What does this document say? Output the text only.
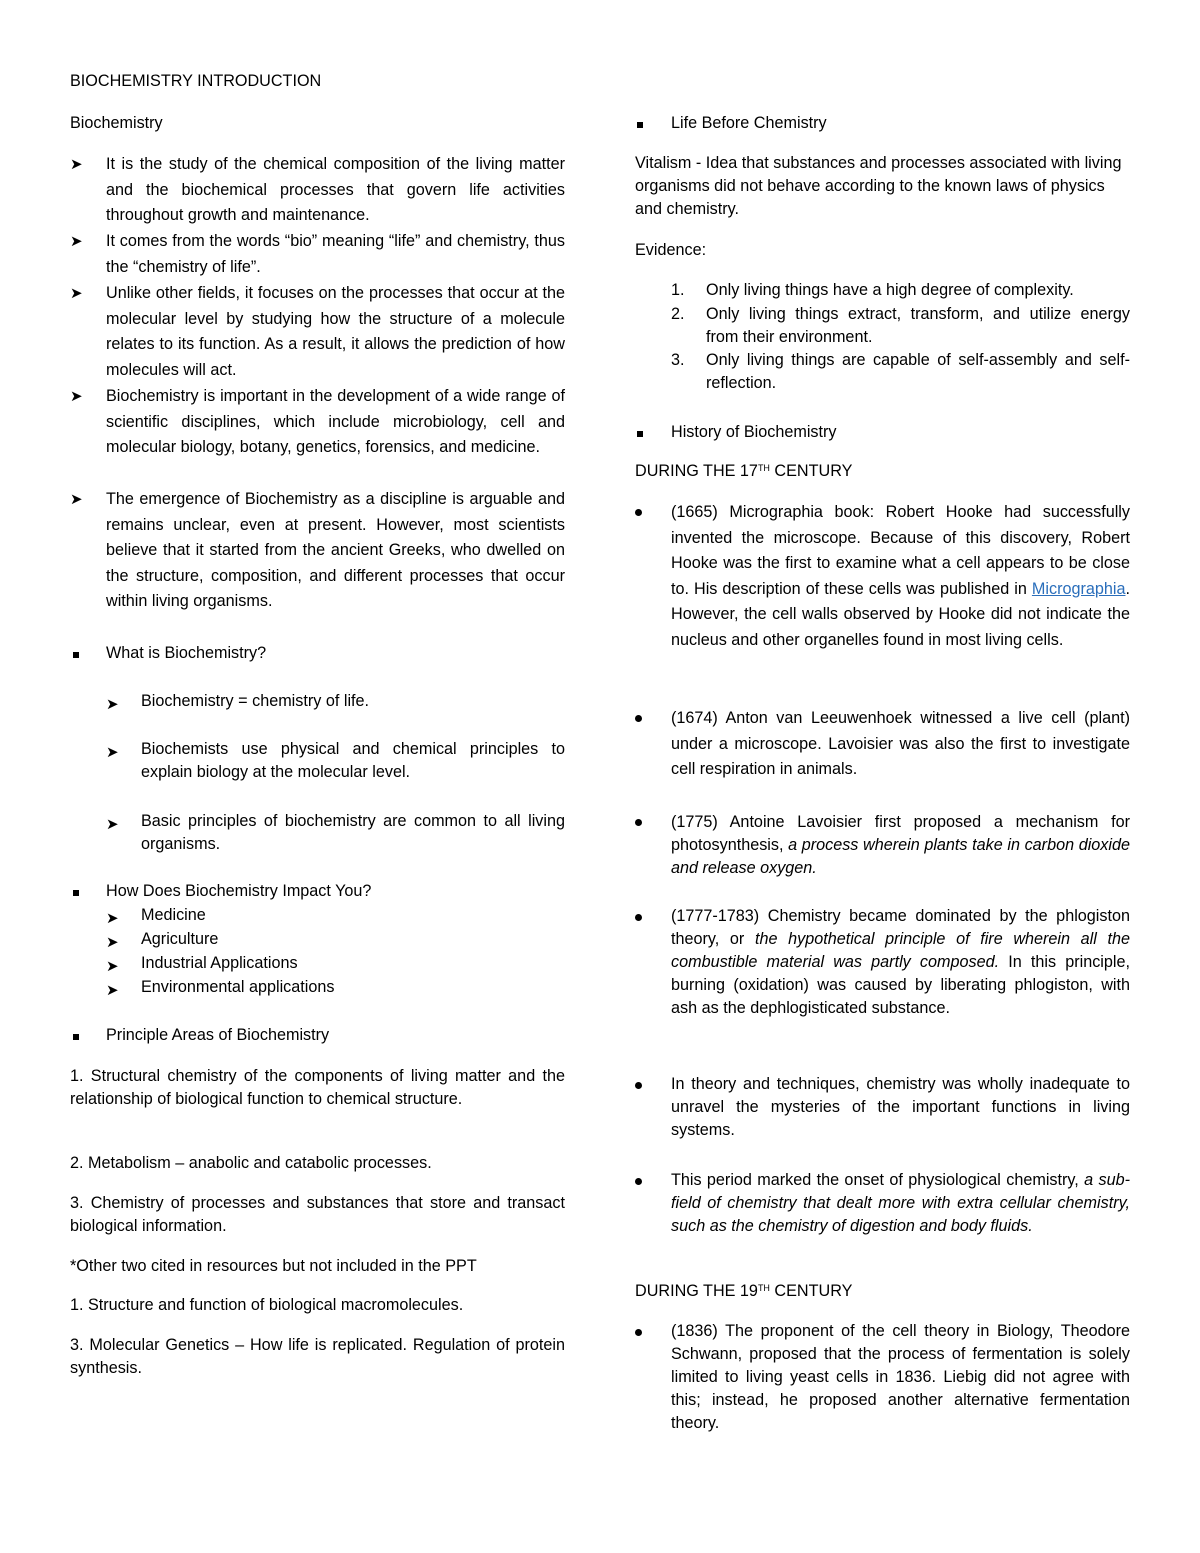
BIOCHEMISTRY INTRODUCTION
Biochemistry
➤ It is the study of the chemical composition of the living matter and the biochemical processes that govern life activities throughout growth and maintenance.
➤ It comes from the words “bio” meaning “life” and chemistry, thus the “chemistry of life”.
➤ Unlike other fields, it focuses on the processes that occur at the molecular level by studying how the structure of a molecule relates to its function. As a result, it allows the prediction of how molecules will act.
➤ Biochemistry is important in the development of a wide range of scientific disciplines, which include microbiology, cell and molecular biology, botany, genetics, forensics, and medicine.
➤ The emergence of Biochemistry as a discipline is arguable and remains unclear, even at present. However, most scientists believe that it started from the ancient Greeks, who dwelled on the structure, composition, and different processes that occur within living organisms.
What is Biochemistry?
➤ Biochemistry = chemistry of life.
➤ Biochemists use physical and chemical principles to explain biology at the molecular level.
➤ Basic principles of biochemistry are common to all living organisms.
How Does Biochemistry Impact You?
➤ Medicine
➤ Agriculture
➤ Industrial Applications
➤ Environmental applications
Principle Areas of Biochemistry
1. Structural chemistry of the components of living matter and the relationship of biological function to chemical structure.
2. Metabolism – anabolic and catabolic processes.
3. Chemistry of processes and substances that store and transact biological information.
*Other two cited in resources but not included in the PPT
1. Structure and function of biological macromolecules.
3. Molecular Genetics – How life is replicated. Regulation of protein synthesis.
Life Before Chemistry
Vitalism - Idea that substances and processes associated with living organisms did not behave according to the known laws of physics and chemistry.
Evidence:
1. Only living things have a high degree of complexity.
2. Only living things extract, transform, and utilize energy from their environment.
3. Only living things are capable of self-assembly and self-reflection.
History of Biochemistry
DURING THE 17TH CENTURY
(1665) Micrographia book: Robert Hooke had successfully invented the microscope. Because of this discovery, Robert Hooke was the first to examine what a cell appears to be close to. His description of these cells was published in Micrographia. However, the cell walls observed by Hooke did not indicate the nucleus and other organelles found in most living cells.
(1674) Anton van Leeuwenhoek witnessed a live cell (plant) under a microscope. Lavoisier was also the first to investigate cell respiration in animals.
(1775) Antoine Lavoisier first proposed a mechanism for photosynthesis, a process wherein plants take in carbon dioxide and release oxygen.
(1777-1783) Chemistry became dominated by the phlogiston theory, or the hypothetical principle of fire wherein all the combustible material was partly composed. In this principle, burning (oxidation) was caused by liberating phlogiston, with ash as the dephlogisticated substance.
In theory and techniques, chemistry was wholly inadequate to unravel the mysteries of the important functions in living systems.
This period marked the onset of physiological chemistry, a sub-field of chemistry that dealt more with extra cellular chemistry, such as the chemistry of digestion and body fluids.
DURING THE 19TH CENTURY
(1836) The proponent of the cell theory in Biology, Theodore Schwann, proposed that the process of fermentation is solely limited to living yeast cells in 1836. Liebig did not agree with this; instead, he proposed another alternative fermentation theory.
